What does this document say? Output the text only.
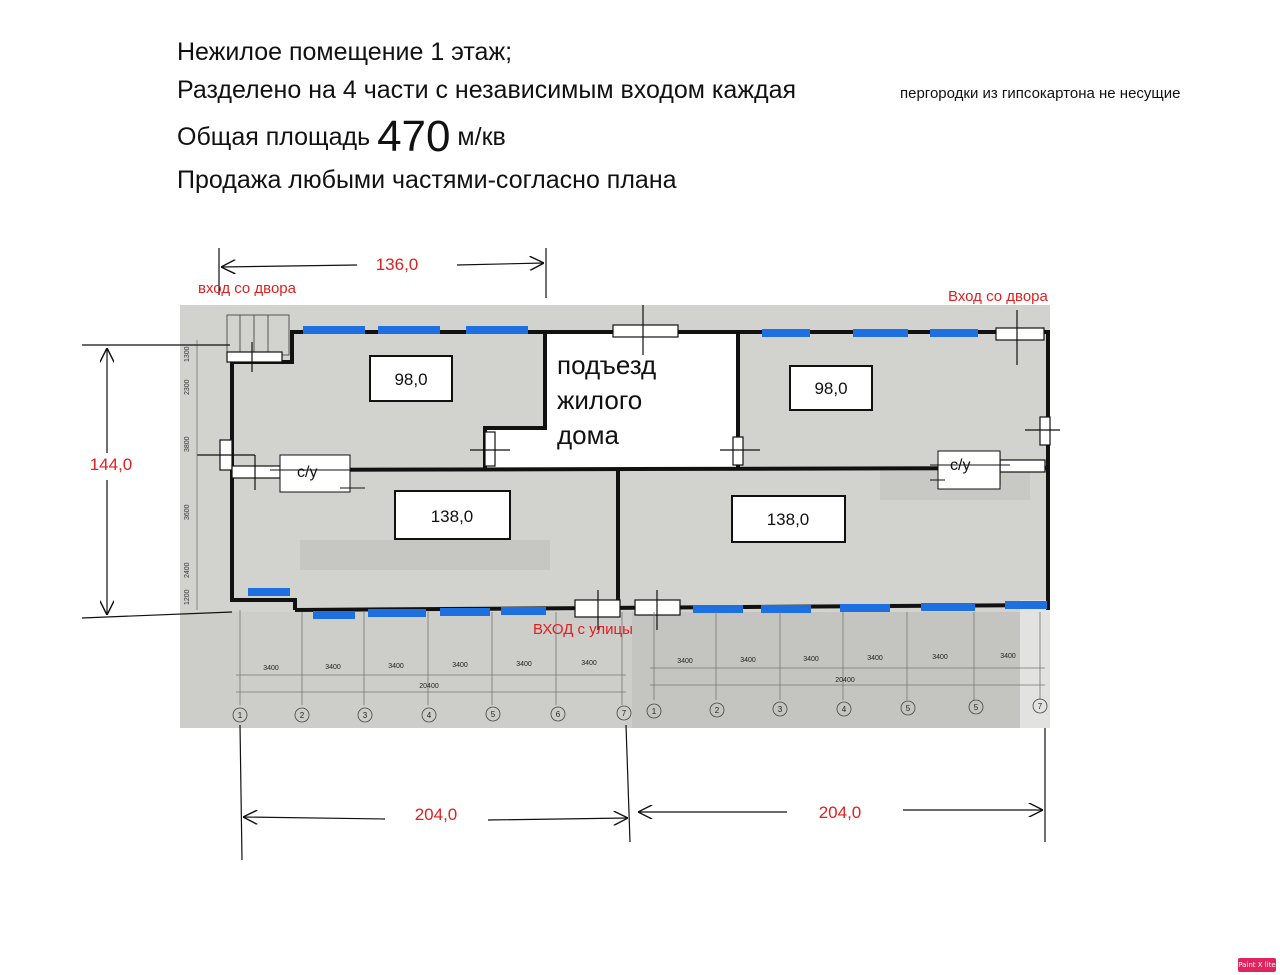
Нежилое помещение 1 этаж;
Разделено на 4 части с независимым входом каждая	пергородки из гипсокартона не несущие
Общая площадь 470 м/кв
Продажа любыми частями-согласно плана
с/у	с/у
98,0	98,0
138,0	138,0
подъезд
жилого
дома
1300
2300
3800
3600
2400
1200
3400	3400	3400	3400	3400	3400
20400
3400	3400	3400	3400	3400	3400
20400
1	2	3	4	5	6	7	1	2	3	4	5	5	7
136,0
144,0
204,0	204,0
вход со двора	Вход со двора
ВХОД с улицы
Paint X lite
